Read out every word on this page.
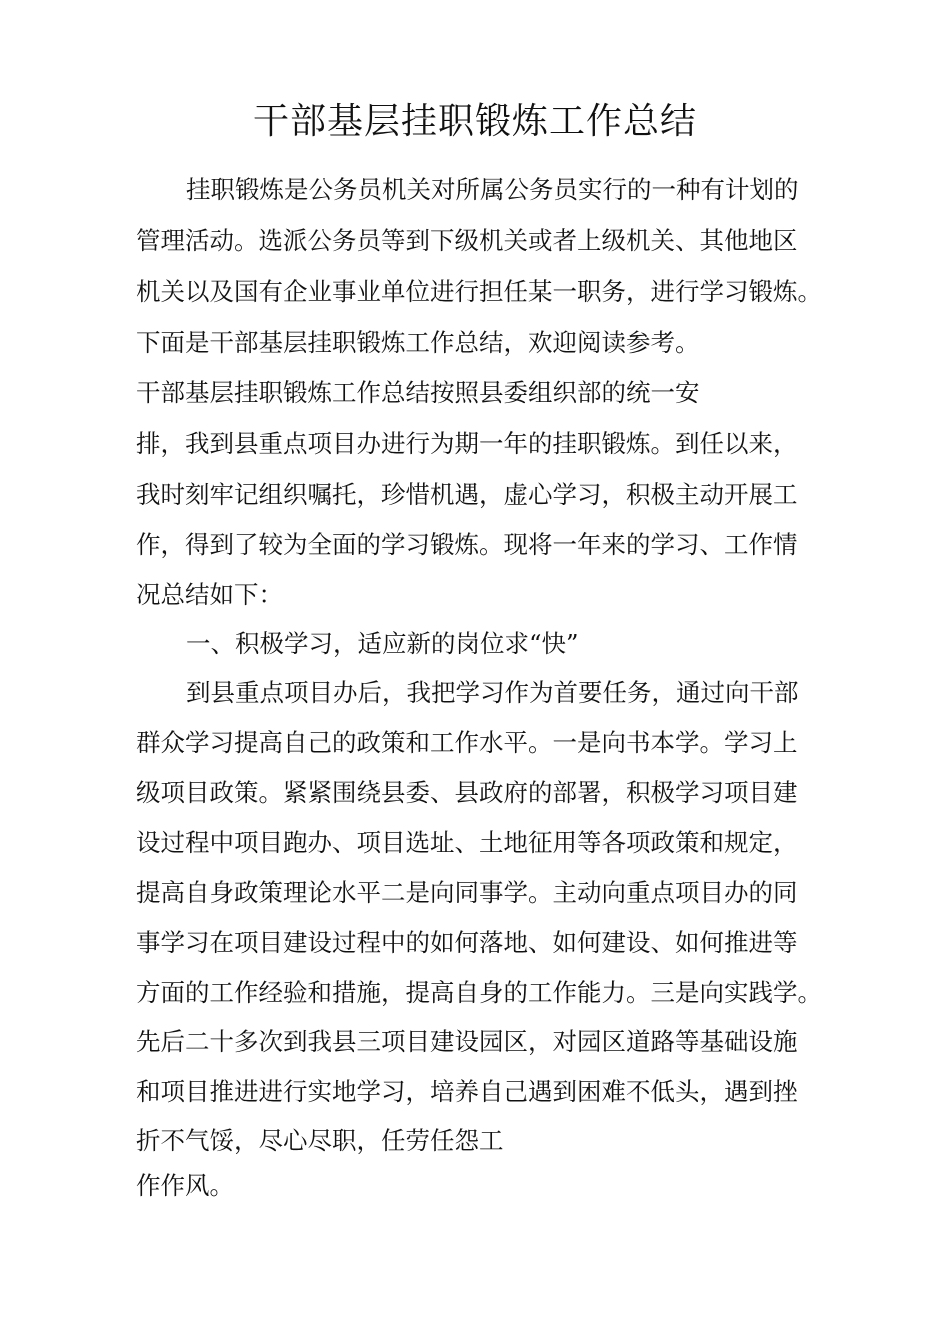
干部基层挂职锻炼工作总结
挂职锻炼是公务员机关对所属公务员实行的一种有计划的
管理活动。选派公务员等到下级机关或者上级机关、其他地区
机关以及国有企业事业单位进行担任某一职务，进行学习锻炼。
下面是干部基层挂职锻炼工作总结，欢迎阅读参考。
干部基层挂职锻炼工作总结按照县委组织部的统一安
排，我到县重点项目办进行为期一年的挂职锻炼。到任以来，
我时刻牢记组织嘱托，珍惜机遇，虚心学习，积极主动开展工
作，得到了较为全面的学习锻炼。现将一年来的学习、工作情
况总结如下：
一、积极学习，适应新的岗位求“快”
到县重点项目办后，我把学习作为首要任务，通过向干部
群众学习提高自己的政策和工作水平。一是向书本学。学习上
级项目政策。紧紧围绕县委、县政府的部署，积极学习项目建
设过程中项目跑办、项目选址、土地征用等各项政策和规定，
提高自身政策理论水平二是向同事学。主动向重点项目办的同
事学习在项目建设过程中的如何落地、如何建设、如何推进等
方面的工作经验和措施，提高自身的工作能力。三是向实践学。
先后二十多次到我县三项目建设园区，对园区道路等基础设施
和项目推进进行实地学习，培养自己遇到困难不低头，遇到挫
折不气馁，尽心尽职，任劳任怨工
作作风。
